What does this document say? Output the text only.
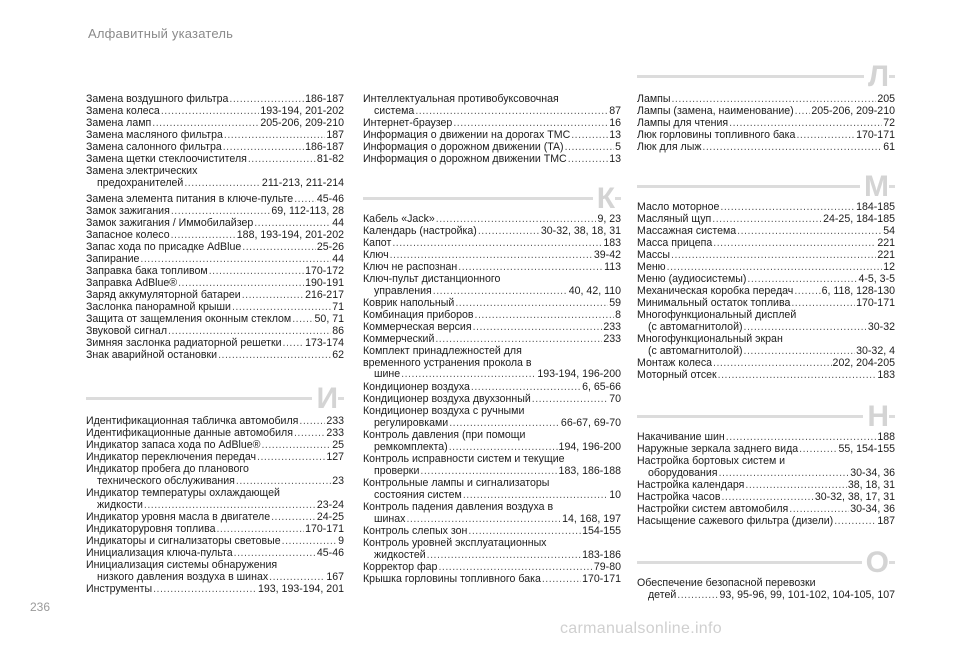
Алфавитный указатель
Замена воздушного фильтра .....	186-187
Замена колеса .....	193-194, 201-202
Замена ламп .....	205-206, 209-210
Замена масляного фильтра .....	187
Замена салонного фильтра .....	186-187
Замена щетки стеклоочистителя .....	81-82
Замена электрических
предохранителей .....	211-213, 211-214
Замена элемента питания в ключе-пульте ..... 45-46
Замок зажигания .....	69, 112-113, 28
Замок зажигания / Иммобилайзер .....	44
Запасное колесо .....	188, 193-194, 201-202
Запас хода по присадке AdBlue .....	25-26
Запирание .....	44
Заправка бака топливом .....	170-172
Заправка AdBlue® .....	190-191
Заряд аккумуляторной батареи .....	216-217
Заслонка панорамной крыши .....	71
Защита от защемления оконным стеклом ..... 50, 71
Звуковой сигнал .....	86
Зимняя заслонка радиаторной решетки ..... 173-174
Знак аварийной остановки .....	62
И
Идентификационная табличка автомобиля .....	233
Идентификационные данные автомобиля .....	233
Индикатор запаса хода по AdBlue® .....	25
Индикатор переключения передач .....	127
Индикатор пробега до планового
технического обслуживания .....	23
Индикатор температуры охлаждающей
жидкости .....	23-24
Индикатор уровня масла в двигателе .....	24-25
Индикаторуровня топлива .....	170-171
Индикаторы и сигнализаторы световые .....	9
Инициализация ключа-пульта .....	45-46
Инициализация системы обнаружения
низкого давления воздуха в шинах .....	167
Инструменты .....	193, 193-194, 201
Интеллектуальная противобуксовочная
система .....	87
Интернет-браузер .....	16
Информация о движении на дорогах TMC .....	13
Информация о дорожном движении (TA) .....	5
Информация о дорожном движении TMC .....	13
К
Кабель «Jack» .....	9, 23
Календарь (настройка) .....	30-32, 38, 18, 31
Капот .....	183
Ключ .....	39-42
Ключ не распознан .....	113
Ключ-пульт дистанционного
управления .....	40, 42, 110
Коврик напольный .....	59
Комбинация приборов .....	8
Коммерческая версия .....	233
Коммерческий .....	233
Комплект принадлежностей для
временного устранения прокола в
шине .....	193-194, 196-200
Кондиционер воздуха .....	6, 65-66
Кондиционер воздуха двухзонный .....	70
Кондиционер воздуха с ручными
регулировками .....	66-67, 69-70
Контроль давления (при помощи
ремкомплекта) .....	194, 196-200
Контроль исправности систем и текущие
проверки .....	183, 186-188
Контрольные лампы и сигнализаторы
состояния систем .....	10
Контроль падения давления воздуха в
шинах .....	14, 168, 197
Контроль слепых зон .....	154-155
Контроль уровней эксплуатационных
жидкостей .....	183-186
Корректор фар .....	79-80
Крышка горловины топливного бака .....	170-171
Л
Лампы .....	205
Лампы (замена, наименование) ..... 205-206, 209-210
Лампы для чтения .....	72
Люк горловины топливного бака .....	170-171
Люк для лыж .....	61
М
Масло моторное .....	184-185
Масляный щуп .....	24-25, 184-185
Массажная система .....	54
Масса прицепа .....	221
Массы .....	221
Меню .....	12
Меню (аудиосистемы) .....	4-5, 3-5
Механическая коробка передач .....	6, 118, 128-130
Минимальный остаток топлива .....	170-171
Многофункциональный дисплей
(с автомагнитолой) .....	30-32
Многофункциональный экран
(с автомагнитолой) .....	30-32, 4
Монтаж колеса .....	202, 204-205
Моторный отсек .....	183
Н
Накачивание шин .....	188
Наружные зеркала заднего вида .....	55, 154-155
Настройка бортовых систем и
оборудования .....	30-34, 36
Настройка календаря .....	38, 18, 31
Настройка часов .....	30-32, 38, 17, 31
Настройки систем автомобиля .....	30-34, 36
Насыщение сажевого фильтра (дизели) .....	187
О
Обеспечение безопасной перевозки
детей .....	93, 95-96, 99, 101-102, 104-105, 107
236
carmanualsonline.info
